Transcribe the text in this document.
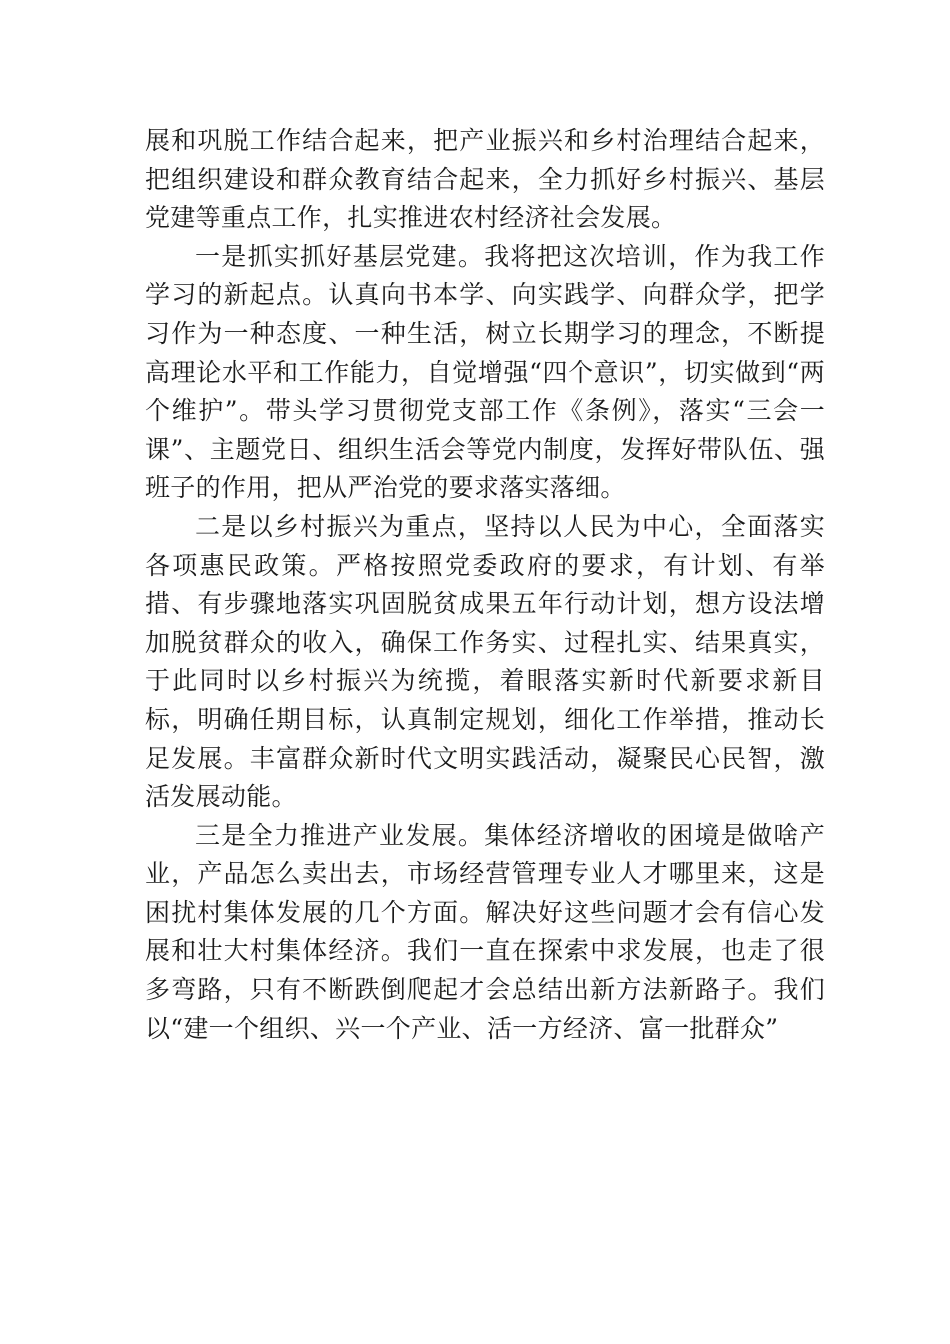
展和巩脱工作结合起来，把产业振兴和乡村治理结合起来， 把组织建设和群众教育结合起来，全力抓好乡村振兴、基层党建等重点工作，扎实推进农村经济社会发展。

一是抓实抓好基层党建。我将把这次培训，作为我工作学习的新起点。认真向书本学、向实践学、向群众学，把学习作为一种态度、一种生活，树立长期学习的理念，不断提高理论水平和工作能力，自觉增强“四个意识”，切实做到“两个维护”。带头学习贯彻党支部工作《条例》，落实“三会一课”、主题党日、组织生活会等党内制度，发挥好带队伍、强班子的作用，把从严治党的要求落实落细。

二是以乡村振兴为重点，坚持以人民为中心，全面落实各项惠民政策。严格按照党委政府的要求，有计划、有举措、有步骤地落实巩固脱贫成果五年行动计划，想方设法增加脱贫群众的收入，确保工作务实、过程扎实、结果真实，于此同时以乡村振兴为统揽，着眼落实新时代新要求新目标，明确任期目标，认真制定规划，细化工作举措，推动长足发展。丰富群众新时代文明实践活动，凝聚民心民智，激活发展动能。

三是全力推进产业发展。集体经济增收的困境是做啥产业，产品怎么卖出去，市场经营管理专业人才哪里来，这是困扰村集体发展的几个方面。解决好这些问题才会有信心发展和壮大村集体经济。我们一直在探索中求发展，也走了很多弯路，只有不断跌倒爬起才会总结出新方法新路子。我们以“建一个组织、兴一个产业、活一方经济、富一批群众”
